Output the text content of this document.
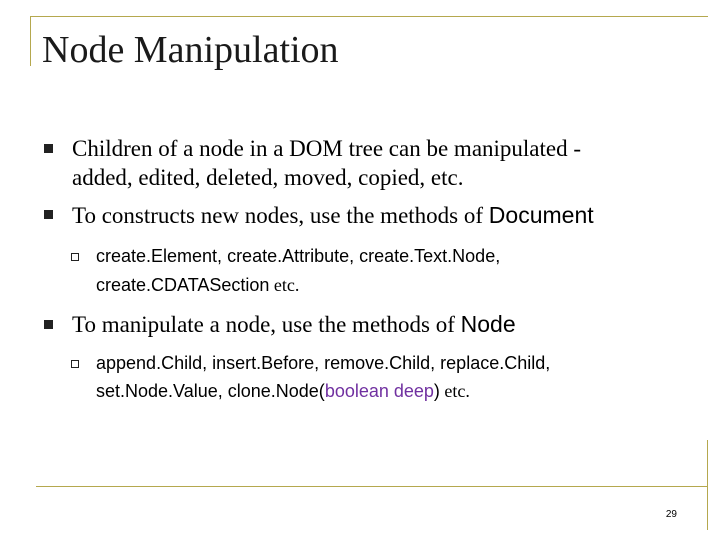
Node Manipulation
Children of a node in a DOM tree can be manipulated -
added, edited, deleted, moved, copied, etc.
To constructs new nodes, use the methods of Document
create.Element, create.Attribute, create.Text.Node,
create.CDATASection etc.
To manipulate a node, use the methods of Node
append.Child, insert.Before, remove.Child, replace.Child,
set.Node.Value, clone.Node(boolean deep) etc.
29
